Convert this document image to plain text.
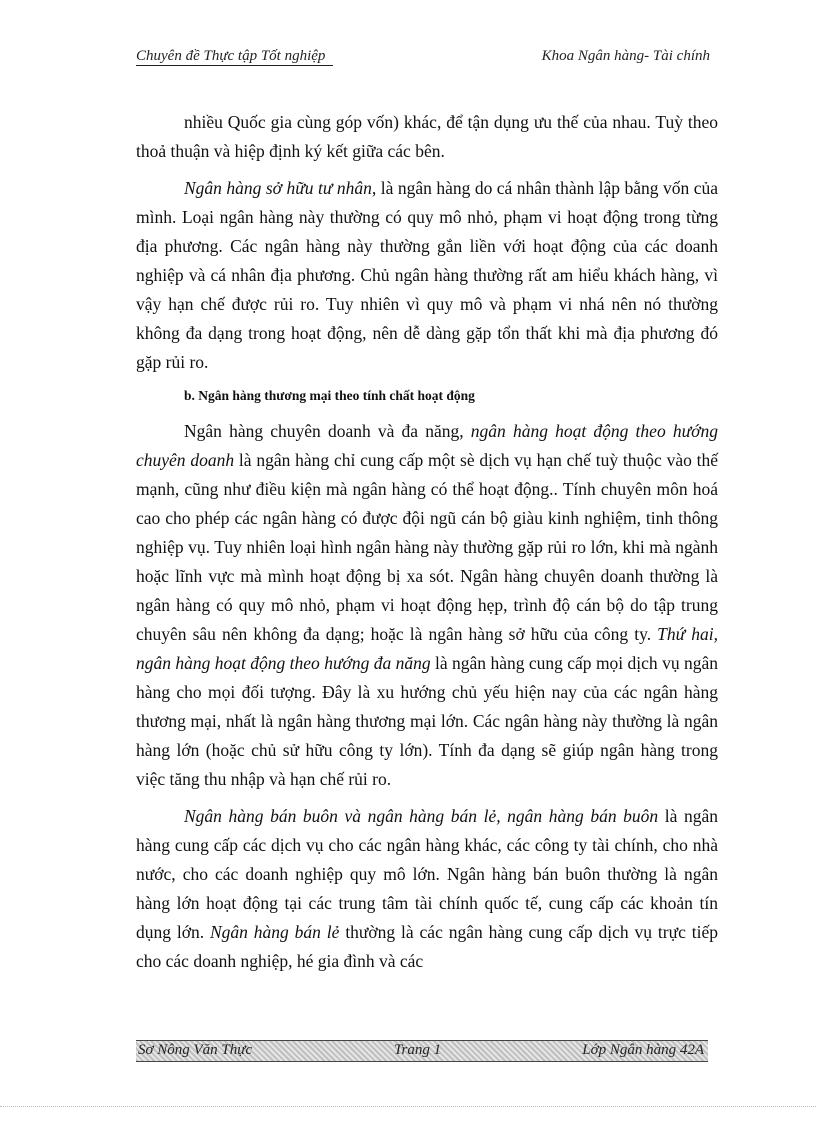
Chuyên đề Thực tập Tốt nghiệp	Khoa Ngân hàng- Tài chính

nhiều Quốc gia cùng góp vốn) khác, để tận dụng ưu thế của nhau. Tuỳ theo thoả thuận và hiệp định ký kết giữa các bên.

Ngân hàng sở hữu tư nhân, là ngân hàng do cá nhân thành lập bằng vốn của mình. Loại ngân hàng này thường có quy mô nhỏ, phạm vi hoạt động trong từng địa phương. Các ngân hàng này thường gắn liền với hoạt động của các doanh nghiệp và cá nhân địa phương. Chủ ngân hàng thường rất am hiểu khách hàng, vì vậy hạn chế được rủi ro. Tuy nhiên vì quy mô và phạm vi nhá nên nó thường không đa dạng trong hoạt động, nên dễ dàng gặp tổn thất khi mà địa phương đó gặp rủi ro.

b. Ngân hàng thương mại theo tính chất hoạt động

Ngân hàng chuyên doanh và đa năng, ngân hàng hoạt động theo hướng chuyên doanh là ngân hàng chỉ cung cấp một sè dịch vụ hạn chế tuỳ thuộc vào thế mạnh, cũng như điều kiện mà ngân hàng có thể hoạt động.. Tính chuyên môn hoá cao cho phép các ngân hàng có được đội ngũ cán bộ giàu kinh nghiệm, tinh thông nghiệp vụ. Tuy nhiên loại hình ngân hàng này thường gặp rủi ro lớn, khi mà ngành hoặc lĩnh vực mà mình hoạt động bị xa sót. Ngân hàng chuyên doanh thường là ngân hàng có quy mô nhỏ, phạm vi hoạt động hẹp, trình độ cán bộ do tập trung chuyên sâu nên không đa dạng; hoặc là ngân hàng sở hữu của công ty. Thứ hai, ngân hàng hoạt động theo hướng đa năng là ngân hàng cung cấp mọi dịch vụ ngân hàng cho mọi đối tượng. Đây là xu hướng chủ yếu hiện nay của các ngân hàng thương mại, nhất là ngân hàng thương mại lớn. Các ngân hàng này thường là ngân hàng lớn (hoặc chủ sử hữu công ty lớn). Tính đa dạng sẽ giúp ngân hàng trong việc tăng thu nhập và hạn chế rủi ro.

Ngân hàng bán buôn và ngân hàng bán lẻ, ngân hàng bán buôn là ngân hàng cung cấp các dịch vụ cho các ngân hàng khác, các công ty tài chính, cho nhà nước, cho các doanh nghiệp quy mô lớn. Ngân hàng bán buôn thường là ngân hàng lớn hoạt động tại các trung tâm tài chính quốc tế, cung cấp các khoản tín dụng lớn. Ngân hàng bán lẻ thường là các ngân hàng cung cấp dịch vụ trực tiếp cho các doanh nghiệp, hé gia đình và các

Sơ Nông Văn Thực	Trang 1	Lớp Ngân hàng 42A
